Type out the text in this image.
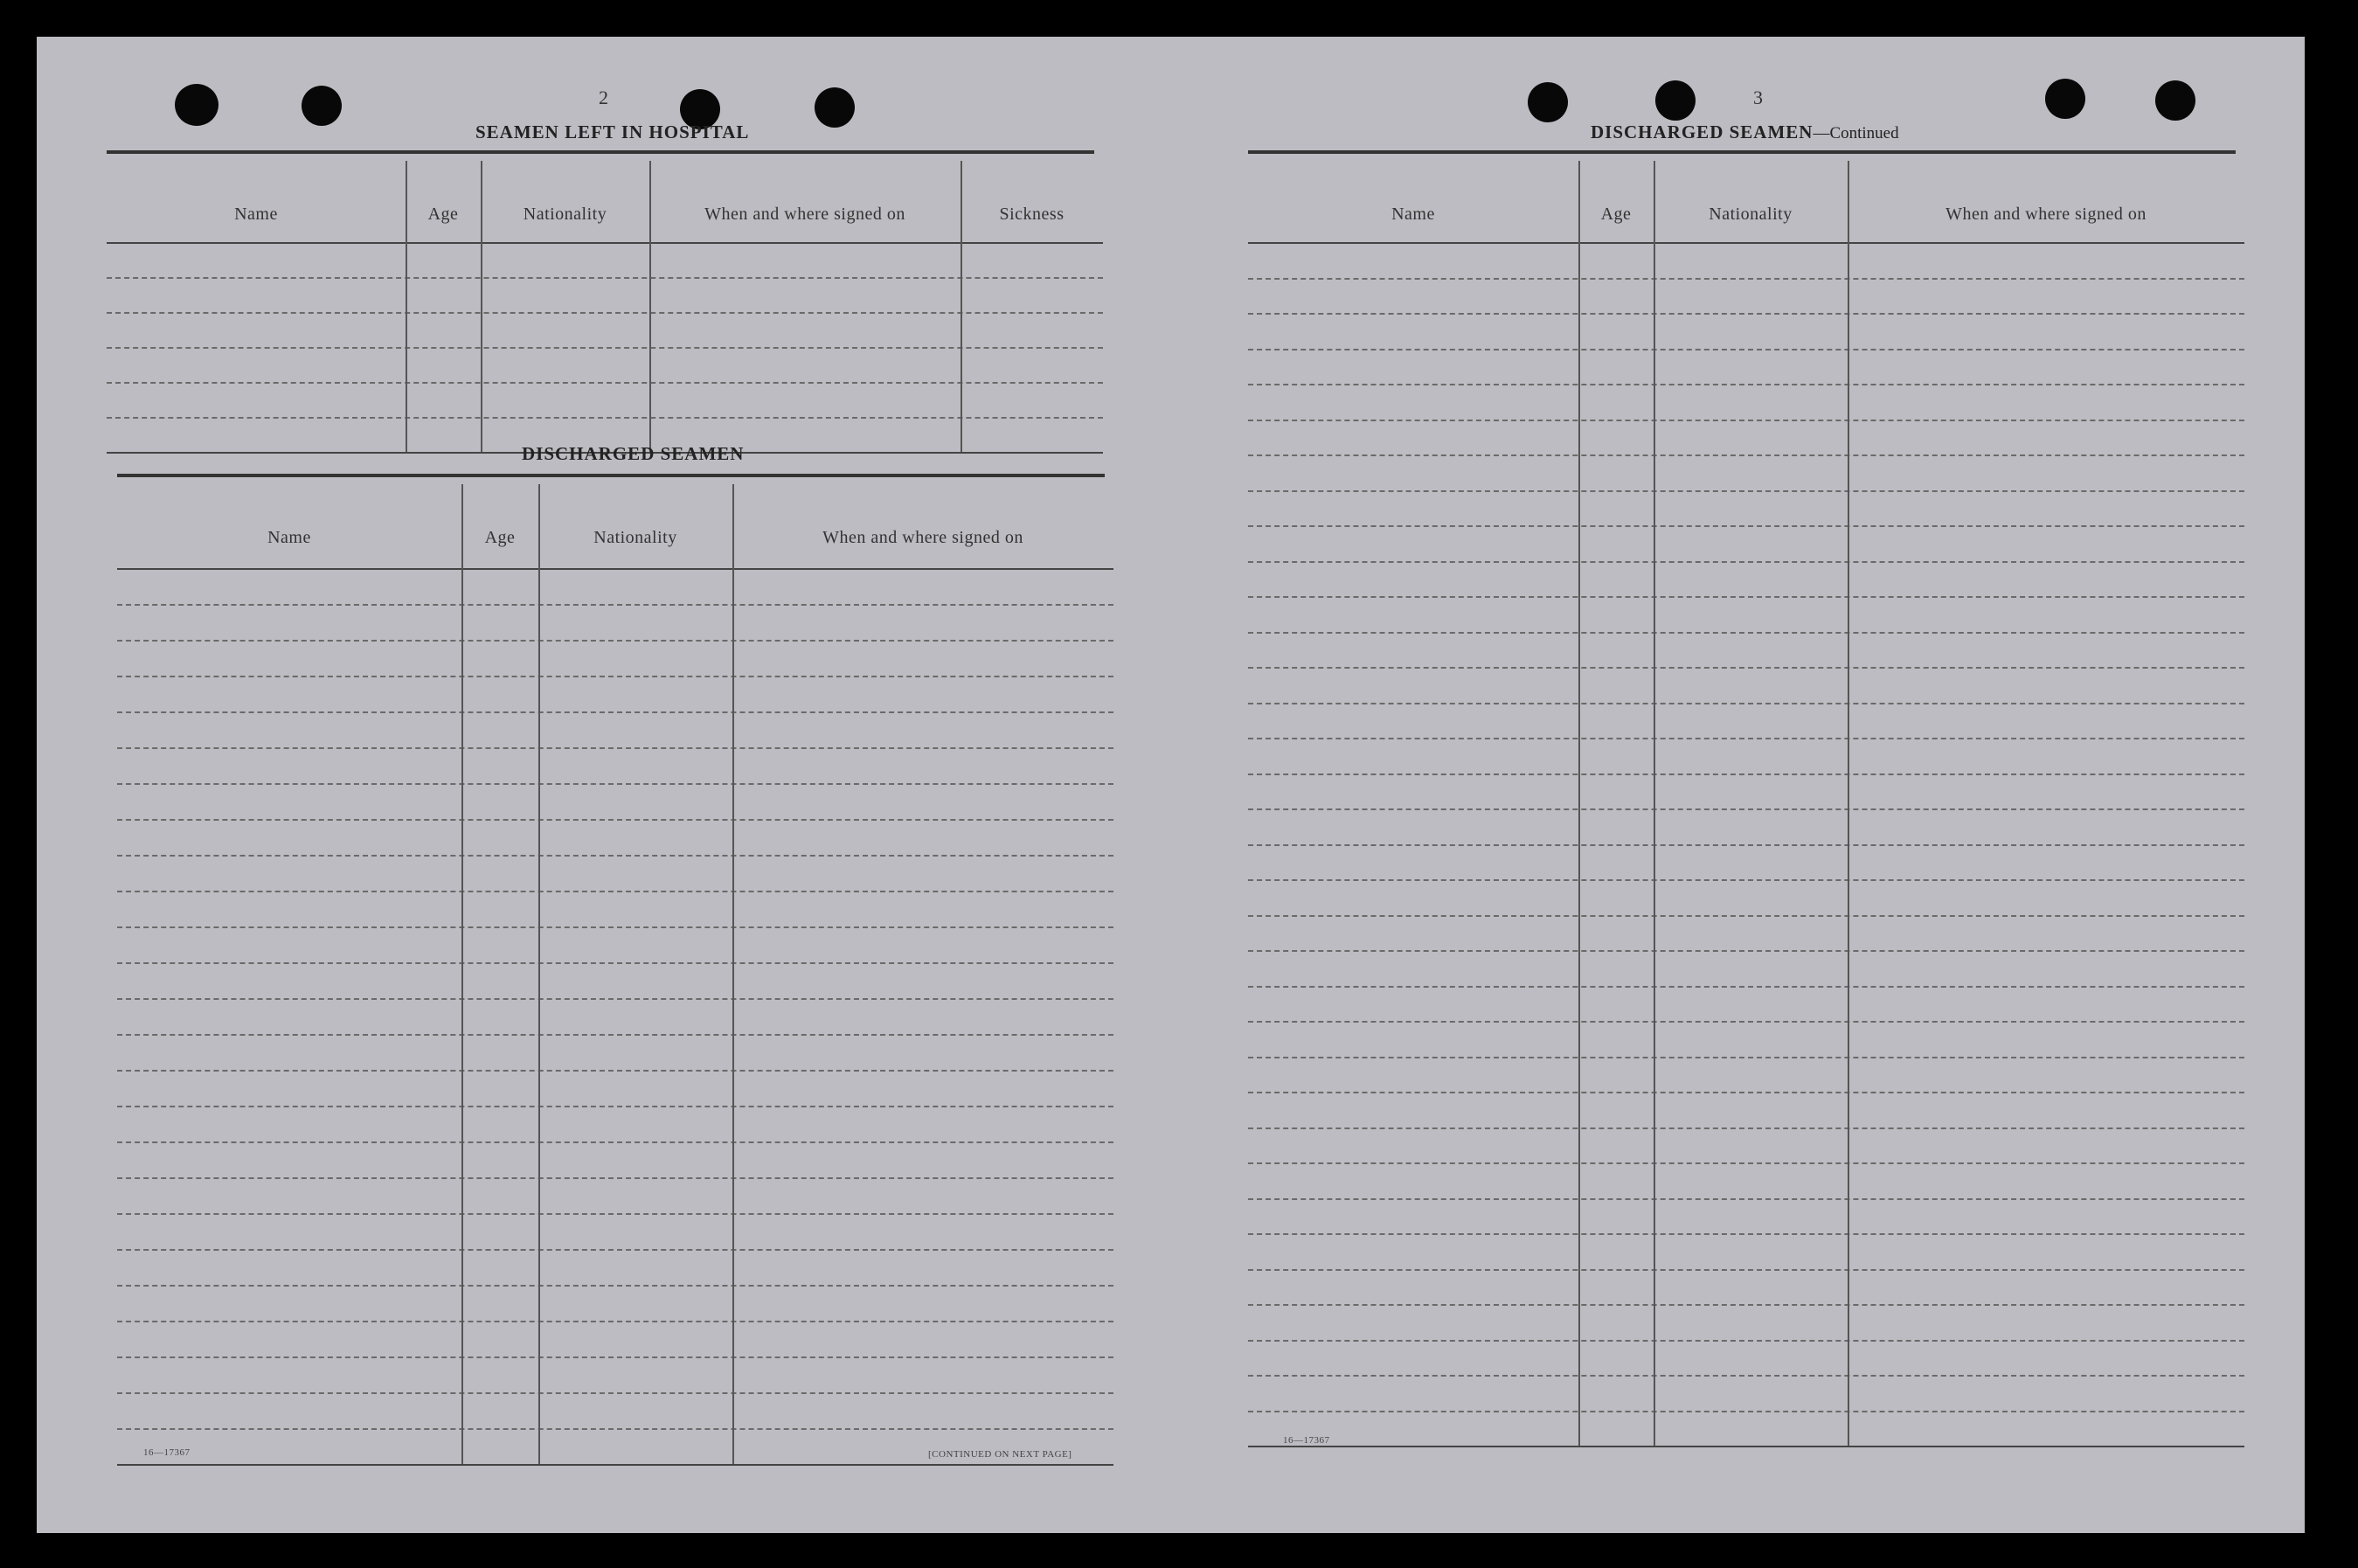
2
SEAMEN LEFT IN HOSPITAL
Name	Age	Nationality	When and where signed on	Sickness
DISCHARGED SEAMEN
Name	Age	Nationality	When and where signed on
16—17367	[CONTINUED ON NEXT PAGE]
3
DISCHARGED SEAMEN—Continued
Name	Age	Nationality	When and where signed on
16—17367
